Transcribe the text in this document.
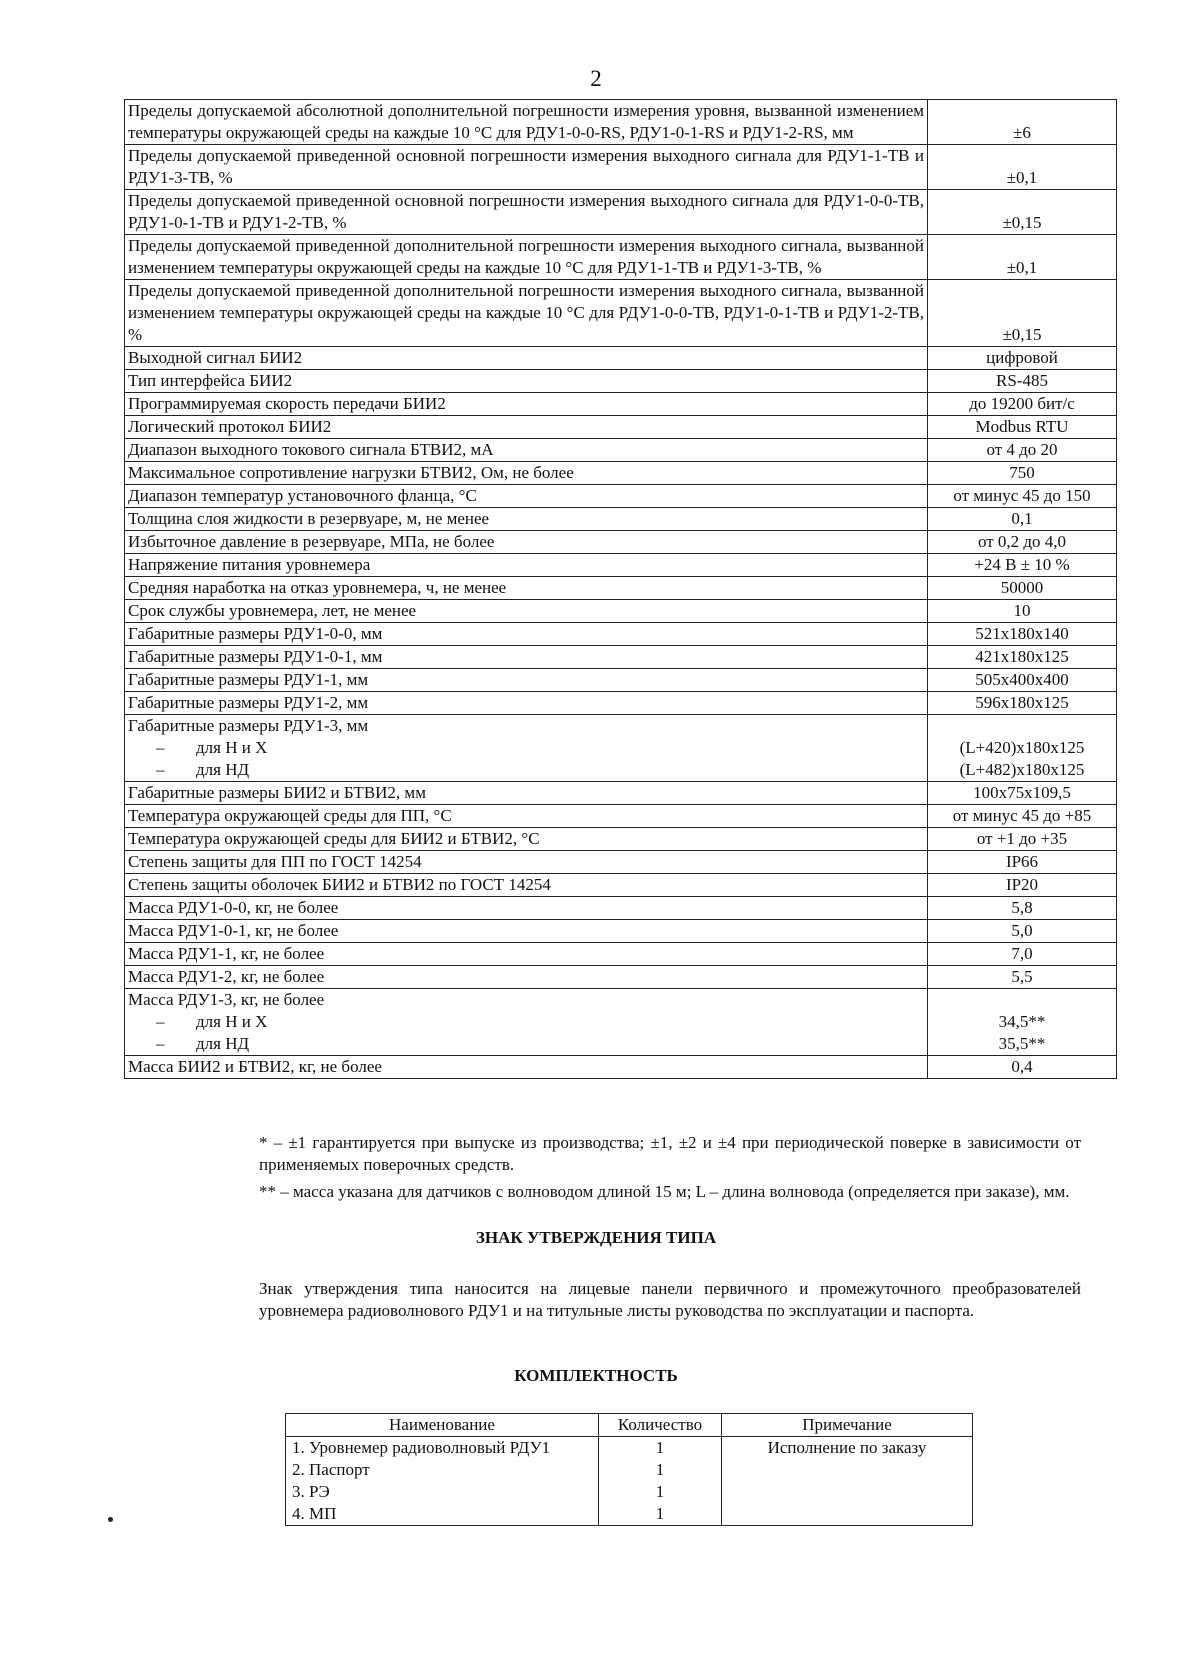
2
Пределы допускаемой абсолютной дополнительной погрешности измерения уровня, вызванной изменением температуры окружающей среды на каждые 10 °С для РДУ1-0-0-RS, РДУ1-0-1-RS и РДУ1-2-RS, мм	±6
Пределы допускаемой приведенной основной погрешности измерения выходного сигнала для РДУ1-1-ТВ и РДУ1-3-ТВ, %	±0,1
Пределы допускаемой приведенной основной погрешности измерения выходного сигнала для РДУ1-0-0-ТВ, РДУ1-0-1-ТВ и РДУ1-2-ТВ, %	±0,15
Пределы допускаемой приведенной дополнительной погрешности измерения выходного сигнала, вызванной изменением температуры окружающей среды на каждые 10 °С для РДУ1-1-ТВ и РДУ1-3-ТВ, %	±0,1
Пределы допускаемой приведенной дополнительной погрешности измерения выходного сигнала, вызванной изменением температуры окружающей среды на каждые 10 °С для РДУ1-0-0-ТВ, РДУ1-0-1-ТВ и РДУ1-2-ТВ, %	±0,15
Выходной сигнал БИИ2	цифровой
Тип интерфейса БИИ2	RS-485
Программируемая скорость передачи БИИ2	до 19200 бит/с
Логический протокол БИИ2	Modbus RTU
Диапазон выходного токового сигнала БТВИ2, мА	от 4 до 20
Максимальное сопротивление нагрузки БТВИ2, Ом, не более	750
Диапазон температур установочного фланца, °С	от минус 45 до 150
Толщина слоя жидкости в резервуаре, м, не менее	0,1
Избыточное давление в резервуаре, МПа, не более	от 0,2 до 4,0
Напряжение питания уровнемера	+24 В ± 10 %
Средняя наработка на отказ уровнемера, ч, не менее	50000
Срок службы уровнемера, лет, не менее	10
Габаритные размеры РДУ1-0-0, мм	521x180x140
Габаритные размеры РДУ1-0-1, мм	421x180x125
Габаритные размеры РДУ1-1, мм	505x400x400
Габаритные размеры РДУ1-2, мм	596x180x125
Габаритные размеры РДУ1-3, мм	
– для Н и Х	(L+420)x180x125
– для НД	(L+482)x180x125
Габаритные размеры БИИ2 и БТВИ2, мм	100x75x109,5
Температура окружающей среды для ПП, °С	от минус 45 до +85
Температура окружающей среды для БИИ2 и БТВИ2, °С	от +1 до +35
Степень защиты для ПП по ГОСТ 14254	IP66
Степень защиты оболочек БИИ2 и БТВИ2 по ГОСТ 14254	IP20
Масса РДУ1-0-0, кг, не более	5,8
Масса РДУ1-0-1, кг, не более	5,0
Масса РДУ1-1, кг, не более	7,0
Масса РДУ1-2, кг, не более	5,5
Масса РДУ1-3, кг, не более	
– для Н и Х	34,5**
– для НД	35,5**
Масса БИИ2 и БТВИ2, кг, не более	0,4

* – ±1 гарантируется при выпуске из производства; ±1, ±2 и ±4 при периодической поверке в зависимости от применяемых поверочных средств.

** – масса указана для датчиков с волноводом длиной 15 м; L – длина волновода (определяется при заказе), мм.

ЗНАК УТВЕРЖДЕНИЯ ТИПА
Знак утверждения типа наносится на лицевые панели первичного и промежуточного преобразователей уровнемера радиоволнового РДУ1 и на титульные листы руководства по эксплуатации и паспорта.
КОМПЛЕКТНОСТЬ
Наименование	Количество	Примечание
1. Уровнемер радиоволновый РДУ1	1	Исполнение по заказу
2. Паспорт	1	
3. РЭ	1	
4. МП	1	
